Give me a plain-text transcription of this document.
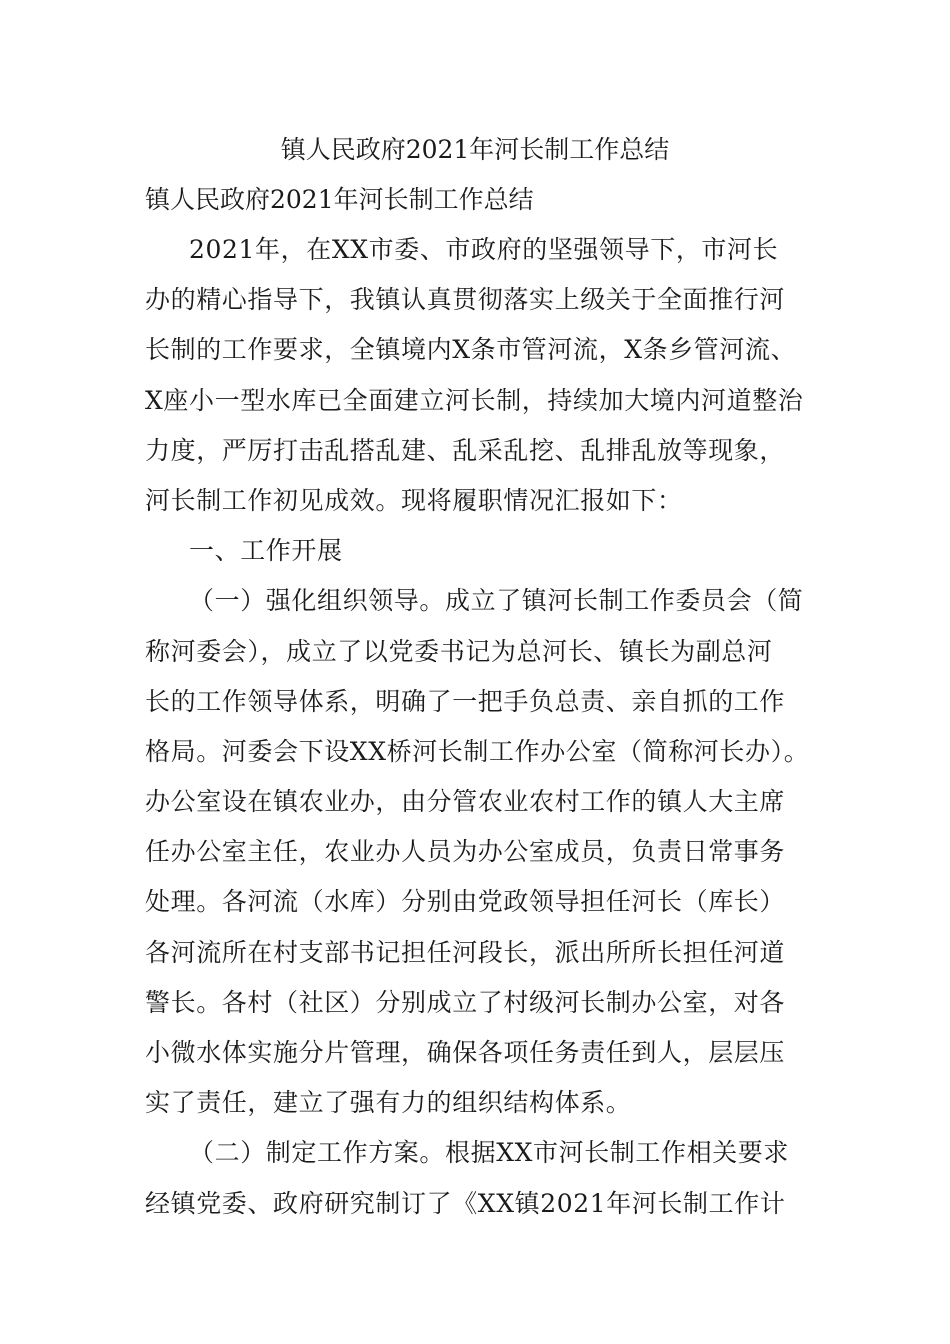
镇人民政府2021年河长制工作总结
镇人民政府2021年河长制工作总结
2021年，在XX市委、市政府的坚强领导下，市河长
办的精心指导下，我镇认真贯彻落实上级关于全面推行河
长制的工作要求，全镇境内X条市管河流，X条乡管河流、
X座小一型水库已全面建立河长制，持续加大境内河道整治
力度，严厉打击乱搭乱建、乱采乱挖、乱排乱放等现象，
河长制工作初见成效。现将履职情况汇报如下：
一、工作开展
（一）强化组织领导。成立了镇河长制工作委员会（简
称河委会），成立了以党委书记为总河长、镇长为副总河
长的工作领导体系，明确了一把手负总责、亲自抓的工作
格局。河委会下设XX桥河长制工作办公室（简称河长办）。
办公室设在镇农业办，由分管农业农村工作的镇人大主席
任办公室主任，农业办人员为办公室成员，负责日常事务
处理。各河流（水库）分别由党政领导担任河长（库长）
各河流所在村支部书记担任河段长，派出所所长担任河道
警长。各村（社区）分别成立了村级河长制办公室，对各
小微水体实施分片管理，确保各项任务责任到人，层层压
实了责任，建立了强有力的组织结构体系。
（二）制定工作方案。根据XX市河长制工作相关要求
经镇党委、政府研究制订了《XX镇2021年河长制工作计
